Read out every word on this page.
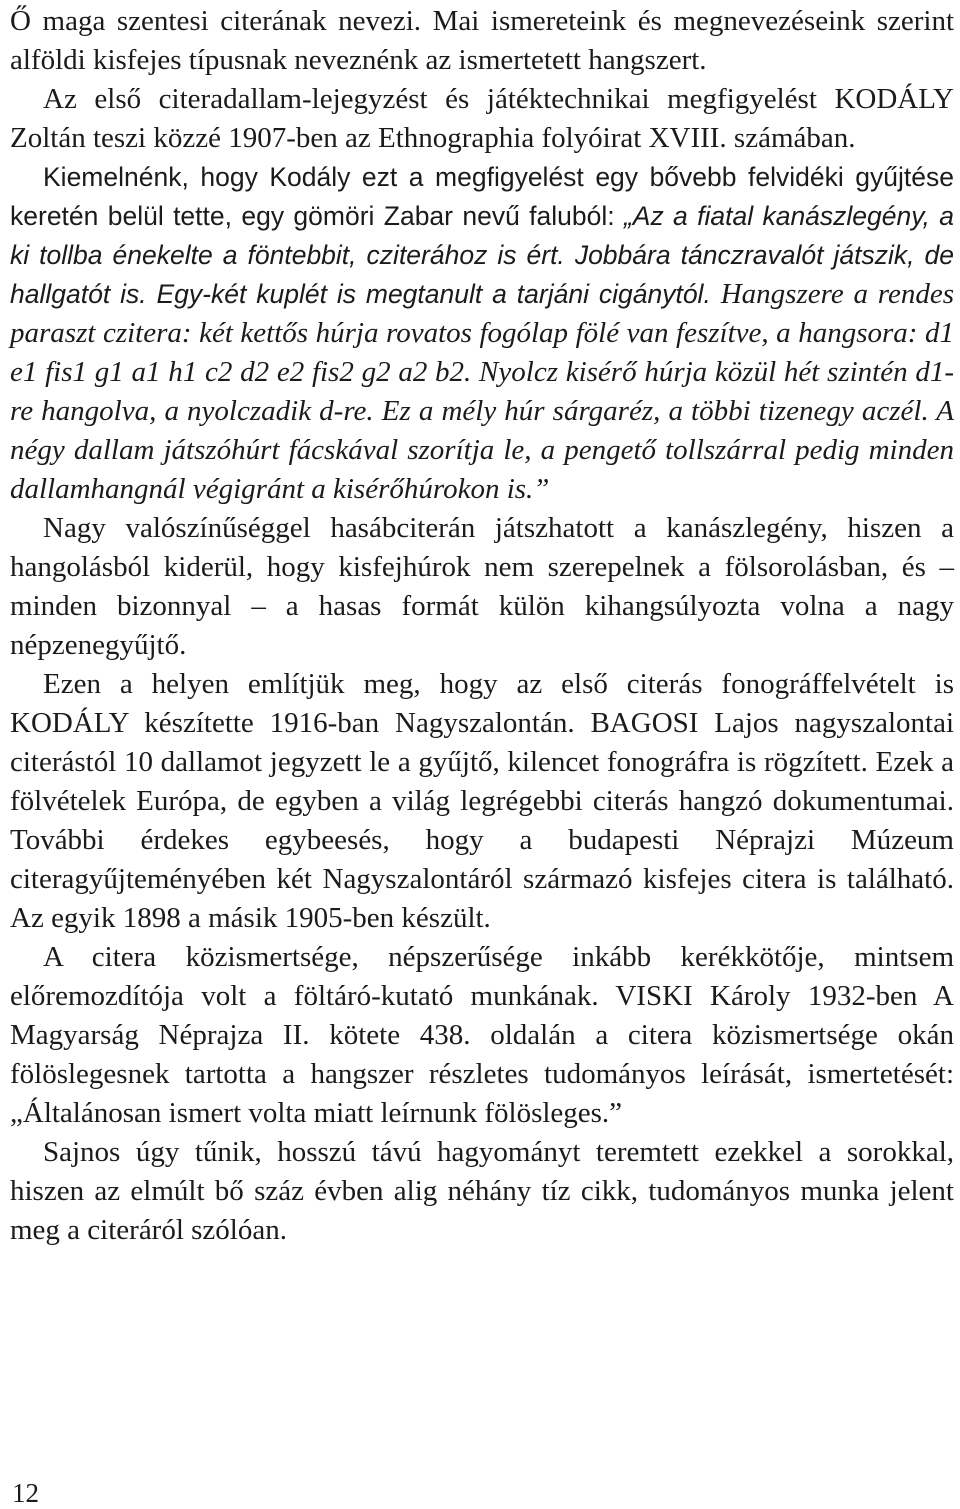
Ő maga szentesi citerának nevezi. Mai ismereteink és megnevezéseink szerint alföldi kisfejes típusnak neveznénk az ismertetett hangszert.

Az első citeradallam-lejegyzést és játéktechnikai megfigyelést KODÁLY Zoltán teszi közzé 1907-ben az Ethnographia folyóirat XVIII. számában.

Kiemelnénk, hogy Kodály ezt a megfigyelést egy bővebb felvidéki gyűjtése keretén belül tette, egy gömöri Zabar nevű faluból: „Az a fiatal kanászlegény, a ki tollba énekelte a föntebbit, cziterához is ért. Jobbára tánczravalót játszik, de hallgatót is. Egy-két kuplét is megtanult a tarjáni cigánytól. Hangszere a rendes paraszt czitera: két kettős húrja rovatos fogólap fölé van feszítve, a hangsora: d1 e1 fis1 g1 a1 h1 c2 d2 e2 fis2 g2 a2 b2. Nyolcz kisérő húrja közül hét szintén d1-re hangolva, a nyolczadik d-re. Ez a mély húr sárgaréz, a többi tizenegy aczél. A négy dallam játszóhúrt fácskával szorítja le, a pengető tollszárral pedig minden dallamhangnál végigránt a kisérőhúrokon is.”

Nagy valószínűséggel hasábciterán játszhatott a kanászlegény, hiszen a hangolásból kiderül, hogy kisfejhúrok nem szerepelnek a fölsorolásban, és – minden bizonnyal – a hasas formát külön kihangsúlyozta volna a nagy népzenegyűjtő.

Ezen a helyen említjük meg, hogy az első citerás fonográffelvételt is KODÁLY készítette 1916-ban Nagyszalontán. BAGOSI Lajos nagyszalontai citerástól 10 dallamot jegyzett le a gyűjtő, kilencet fonográfra is rögzített. Ezek a fölvételek Európa, de egyben a világ legrégebbi citerás hangzó dokumentumai. További érdekes egybeesés, hogy a budapesti Néprajzi Múzeum citeragyűjteményében két Nagyszalontáról származó kisfejes citera is található. Az egyik 1898 a másik 1905-ben készült.

A citera közismertsége, népszerűsége inkább kerékkötője, mintsem előremozdítója volt a föltáró-kutató munkának. VISKI Károly 1932-ben A Magyarság Néprajza II. kötete 438. oldalán a citera közismertsége okán fölöslegesnek tartotta a hangszer részletes tudományos leírását, ismertetését: „Általánosan ismert volta miatt leírnunk fölösleges.”

Sajnos úgy tűnik, hosszú távú hagyományt teremtett ezekkel a sorokkal, hiszen az elmúlt bő száz évben alig néhány tíz cikk, tudományos munka jelent meg a citeráról szólóan.

12
